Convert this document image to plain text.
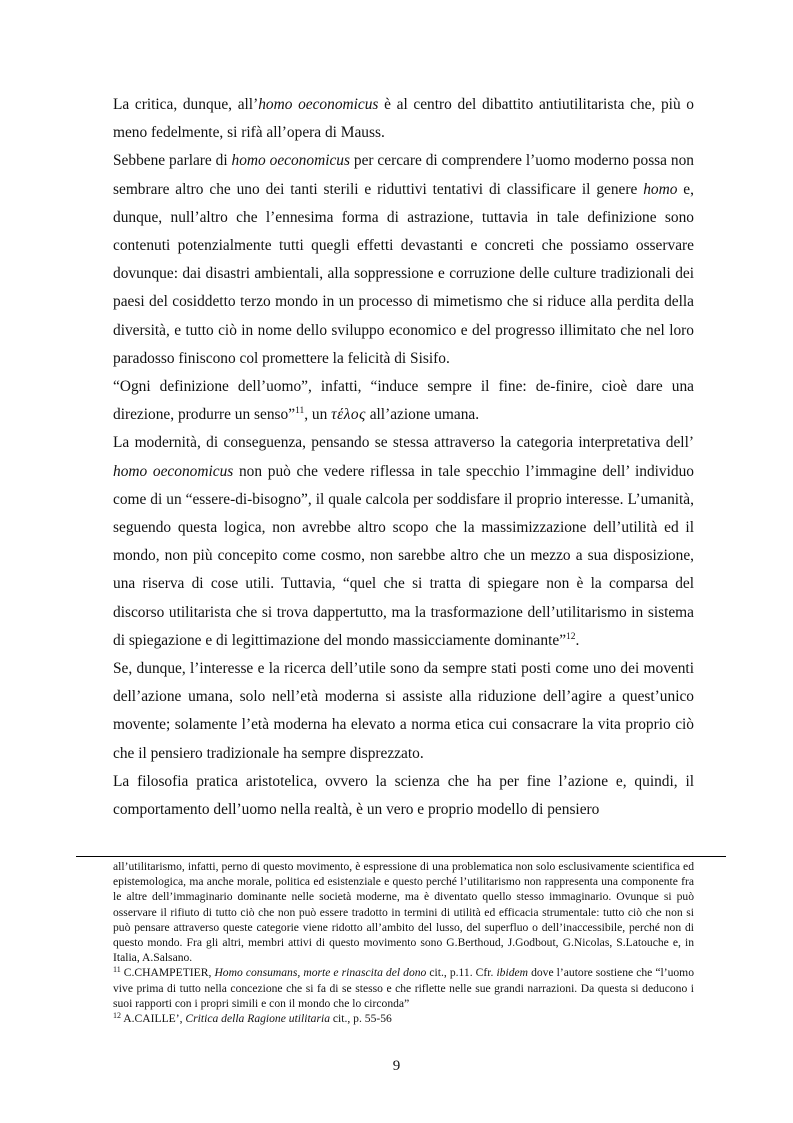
La critica, dunque, all’homo oeconomicus è al centro del dibattito antiutilitarista che, più o meno fedelmente, si rifà all’opera di Mauss.

Sebbene parlare di homo oeconomicus per cercare di comprendere l’uomo moderno possa non sembrare altro che uno dei tanti sterili e riduttivi tentativi di classificare il genere homo e, dunque, null’altro che l’ennesima forma di astrazione, tuttavia in tale definizione sono contenuti potenzialmente tutti quegli effetti devastanti e concreti che possiamo osservare dovunque: dai disastri ambientali, alla soppressione e corruzione delle culture tradizionali dei paesi del cosiddetto terzo mondo in un processo di mimetismo che si riduce alla perdita della diversità, e tutto ciò in nome dello sviluppo economico e del progresso illimitato che nel loro paradosso finiscono col promettere la felicità di Sisifo.

“Ogni definizione dell’uomo”, infatti, “induce sempre il fine: de-finire, cioè dare una direzione, produrre un senso”$^{11}$, un τέλος all’azione umana.

La modernità, di conseguenza, pensando se stessa attraverso la categoria interpretativa dell’ homo oeconomicus non può che vedere riflessa in tale specchio l’immagine dell’ individuo come di un “essere-di-bisogno”, il quale calcola per soddisfare il proprio interesse. L’umanità, seguendo questa logica, non avrebbe altro scopo che la massimizzazione dell’utilità ed il mondo, non più concepito come cosmo, non sarebbe altro che un mezzo a sua disposizione, una riserva di cose utili. Tuttavia, “quel che si tratta di spiegare non è la comparsa del discorso utilitarista che si trova dappertutto, ma la trasformazione dell’utilitarismo in sistema di spiegazione e di legittimazione del mondo massicciamente dominante”$^{12}$.

Se, dunque, l’interesse e la ricerca dell’utile sono da sempre stati posti come uno dei moventi dell’azione umana, solo nell’età moderna si assiste alla riduzione dell’agire a quest’unico movente; solamente l’età moderna ha elevato a norma etica cui consacrare la vita proprio ciò che il pensiero tradizionale ha sempre disprezzato.

La filosofia pratica aristotelica, ovvero la scienza che ha per fine l’azione e, quindi, il comportamento dell’uomo nella realtà, è un vero e proprio modello di pensiero

all’utilitarismo, infatti, perno di questo movimento, è espressione di una problematica non solo esclusivamente scientifica ed epistemologica, ma anche morale, politica ed esistenziale e questo perché l’utilitarismo non rappresenta una componente fra le altre dell’immaginario dominante nelle società moderne, ma è diventato quello stesso immaginario. Ovunque si può osservare il rifiuto di tutto ciò che non può essere tradotto in termini di utilità ed efficacia strumentale: tutto ciò che non si può pensare attraverso queste categorie viene ridotto all’ambito del lusso, del superfluo o dell’inaccessibile, perché non di questo mondo. Fra gli altri, membri attivi di questo movimento sono G.Berthoud, J.Godbout, G.Nicolas, S.Latouche e, in Italia, A.Salsano.

$^{11}$ C.CHAMPETIER, Homo consumans, morte e rinascita del dono cit., p.11. Cfr. ibidem dove l’autore sostiene che “l’uomo vive prima di tutto nella concezione che si fa di se stesso e che riflette nelle sue grandi narrazioni. Da questa si deducono i suoi rapporti con i propri simili e con il mondo che lo circonda”

$^{12}$ A.CAILLE’, Critica della Ragione utilitaria cit., p. 55-56

9
